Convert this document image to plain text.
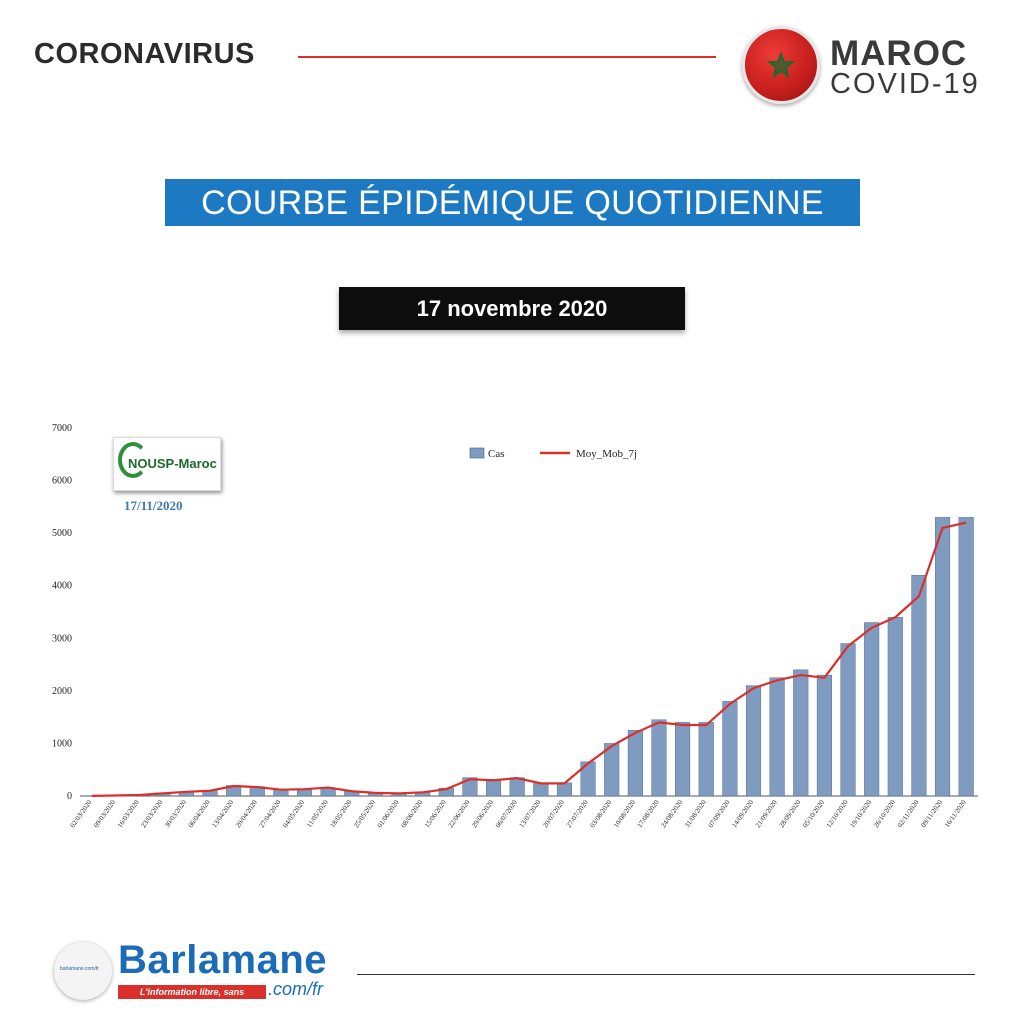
CORONAVIRUS	MAROC
COVID-19
COURBE ÉPIDÉMIQUE QUOTIDIENNE
17 novembre 2020
0
1000
2000
3000
4000
5000
6000
7000
02/03/2020
09/03/2020
16/03/2020
23/03/2020
30/03/2020
06/04/2020
13/04/2020
20/04/2020
27/04/2020
04/05/2020
11/05/2020
18/05/2020
25/05/2020
01/06/2020
08/06/2020
15/06/2020
22/06/2020
29/06/2020
06/07/2020
13/07/2020
20/07/2020
27/07/2020
03/08/2020
10/08/2020
17/08/2020
24/08/2020
31/08/2020
07/09/2020
14/09/2020
21/09/2020
28/09/2020
05/10/2020
12/10/2020
19/10/2020
26/10/2020
02/11/2020
09/11/2020
16/11/2020
Cas	Moy_Mob_7j
NOUSP-Maroc
17/11/2020
barlamane.com/fr Barlamane
L'information libre, sans concession
.com/fr
